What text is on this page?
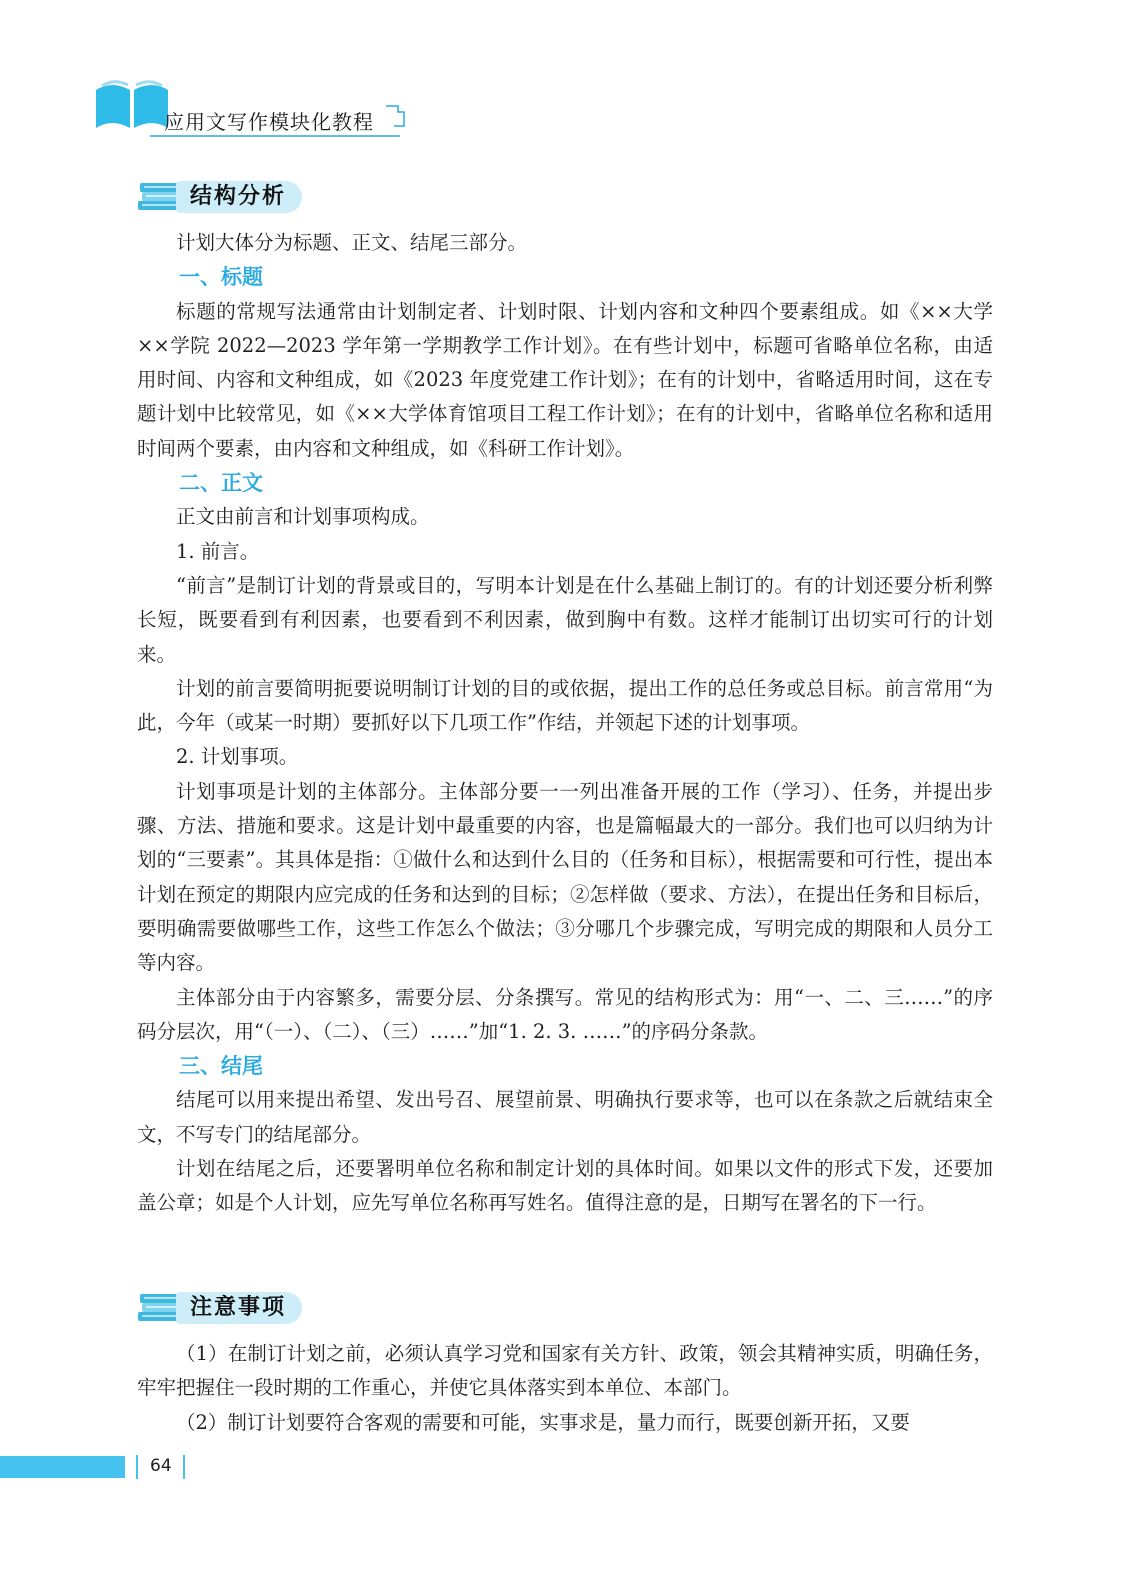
应用文写作模块化教程
结构分析

计划大体分为标题、正文、结尾三部分。

一、标题

标题的常规写法通常由计划制定者、计划时限、计划内容和文种四个要素组成。如《××大学××学院 2022—2023 学年第一学期教学工作计划》。在有些计划中，标题可省略单位名称，由适用时间、内容和文种组成，如《2023 年度党建工作计划》；在有的计划中，省略适用时间，这在专题计划中比较常见，如《××大学体育馆项目工程工作计划》；在有的计划中，省略单位名称和适用时间两个要素，由内容和文种组成，如《科研工作计划》。

二、正文

正文由前言和计划事项构成。

1. 前言。

“前言”是制订计划的背景或目的，写明本计划是在什么基础上制订的。有的计划还要分析利弊长短，既要看到有利因素，也要看到不利因素，做到胸中有数。这样才能制订出切实可行的计划来。

计划的前言要简明扼要说明制订计划的目的或依据，提出工作的总任务或总目标。前言常用“为此，今年（或某一时期）要抓好以下几项工作”作结，并领起下述的计划事项。

2. 计划事项。

计划事项是计划的主体部分。主体部分要一一列出准备开展的工作（学习）、任务，并提出步骤、方法、措施和要求。这是计划中最重要的内容，也是篇幅最大的一部分。我们也可以归纳为计划的“三要素”。其具体是指：①做什么和达到什么目的（任务和目标），根据需要和可行性，提出本计划在预定的期限内应完成的任务和达到的目标；②怎样做（要求、方法），在提出任务和目标后，要明确需要做哪些工作，这些工作怎么个做法；③分哪几个步骤完成，写明完成的期限和人员分工等内容。

主体部分由于内容繁多，需要分层、分条撰写。常见的结构形式为：用“一、二、三……”的序码分层次，用“（一）、（二）、（三）……”加“1. 2. 3. ……”的序码分条款。

三、结尾

结尾可以用来提出希望、发出号召、展望前景、明确执行要求等，也可以在条款之后就结束全文，不写专门的结尾部分。

计划在结尾之后，还要署明单位名称和制定计划的具体时间。如果以文件的形式下发，还要加盖公章；如是个人计划，应先写单位名称再写姓名。值得注意的是，日期写在署名的下一行。

注意事项

（1）在制订计划之前，必须认真学习党和国家有关方针、政策，领会其精神实质，明确任务，牢牢把握住一段时期的工作重心，并使它具体落实到本单位、本部门。

（2）制订计划要符合客观的需要和可能，实事求是，量力而行，既要创新开拓，又要

64
